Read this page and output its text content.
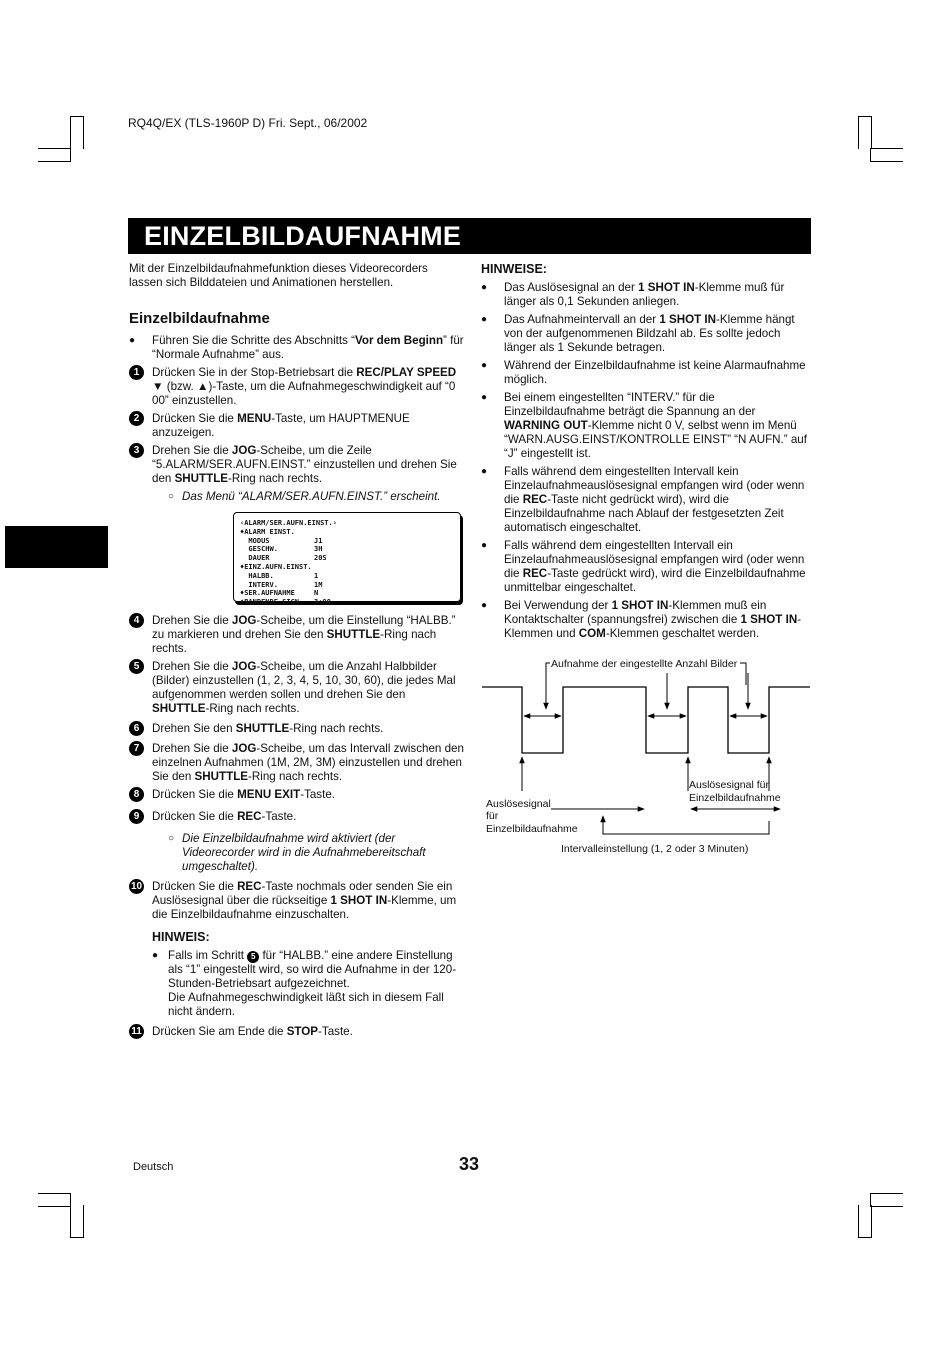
RQ4Q/EX (TLS-1960P D) Fri. Sept., 06/2002
EINZELBILDAUFNAHME

Mit der Einzelbildaufnahmefunktion dieses Videorecorders lassen sich Bilddateien und Animationen herstellen.

Einzelbildaufnahme
● Führen Sie die Schritte des Abschnitts “Vor dem Beginn” für “Normale Aufnahme” aus.
1	Drücken Sie in der Stop-Betriebsart die REC/PLAY SPEED ▼ (bzw. ▲)-Taste, um die Aufnahmegeschwindigkeit auf “0 00” einzustellen.
2	Drücken Sie die MENU-Taste, um HAUPTMENUE anzuzeigen.
3	Drehen Sie die JOG-Scheibe, um die Zeile “5.ALARM/SER.AUFN.EINST.” einzustellen und drehen Sie den SHUTTLE-Ring nach rechts.
○ Das Menü “ALARM/SER.AUFN.EINST.” erscheint.
‹ALARM/SER.AUFN.EINST.›
♦ALARM EINST.
MODUS	J1
GESCHW.	3H
DAUER	20S
♦EINZ.AUFN.EINST.
HALBB.	1
INTERV.	1M
♦SER.AUFNAHME	N
♦BANDENDE SIGN.	3:00
4	Drehen Sie die JOG-Scheibe, um die Einstellung “HALBB.” zu markieren und drehen Sie den SHUTTLE-Ring nach rechts.
5	Drehen Sie die JOG-Scheibe, um die Anzahl Halbbilder (Bilder) einzustellen (1, 2, 3, 4, 5, 10, 30, 60), die jedes Mal aufgenommen werden sollen und drehen Sie den SHUTTLE-Ring nach rechts.
6	Drehen Sie den SHUTTLE-Ring nach rechts.
7	Drehen Sie die JOG-Scheibe, um das Intervall zwischen den einzelnen Aufnahmen (1M, 2M, 3M) einzustellen und drehen Sie den SHUTTLE-Ring nach rechts.
8	Drücken Sie die MENU EXIT-Taste.
9	Drücken Sie die REC-Taste.
○ Die Einzelbildaufnahme wird aktiviert (der Videorecorder wird in die Aufnahmebereitschaft umgeschaltet).
10 Drücken Sie die REC-Taste nochmals oder senden Sie ein Auslösesignal über die rückseitige 1 SHOT IN-Klemme, um die Einzelbildaufnahme einzuschalten.
HINWEIS:
● Falls im Schritt 5 für “HALBB.” eine andere Einstellung als “1” eingestellt wird, so wird die Aufnahme in der 120-Stunden-Betriebsart aufgezeichnet.
Die Aufnahmegeschwindigkeit läßt sich in diesem Fall nicht ändern.
11 Drücken Sie am Ende die STOP-Taste.
HINWEISE:
● Das Auslösesignal an der 1 SHOT IN-Klemme muß für länger als 0,1 Sekunden anliegen.
● Das Aufnahmeintervall an der 1 SHOT IN-Klemme hängt von der aufgenommenen Bildzahl ab. Es sollte jedoch länger als 1 Sekunde betragen.
● Während der Einzelbildaufnahme ist keine Alarmaufnahme möglich.
● Bei einem eingestellten “INTERV.” für die Einzelbildaufnahme beträgt die Spannung an der WARNING OUT-Klemme nicht 0 V, selbst wenn im Menü “WARN.AUSG.EINST/KONTROLLE EINST” “N AUFN.” auf “J” eingestellt ist.
● Falls während dem eingestellten Intervall kein Einzelaufnahmeauslösesignal empfangen wird (oder wenn die REC-Taste nicht gedrückt wird), wird die Einzelbildaufnahme nach Ablauf der festgesetzten Zeit automatisch eingeschaltet.
● Falls während dem eingestellten Intervall ein Einzelaufnahmeauslösesignal empfangen wird (oder wenn die REC-Taste gedrückt wird), wird die Einzelbildaufnahme unmittelbar eingeschaltet.
● Bei Verwendung der 1 SHOT IN-Klemmen muß ein Kontaktschalter (spannungsfrei) zwischen die 1 SHOT IN-Klemmen und COM-Klemmen geschaltet werden.
Aufnahme der eingestellte Anzahl Bilder
Auslösesignal
für
Einzelbildaufnahme
Auslösesignal für
Einzelbildaufnahme
Intervalleinstellung (1, 2 oder 3 Minuten)
Deutsch	33
